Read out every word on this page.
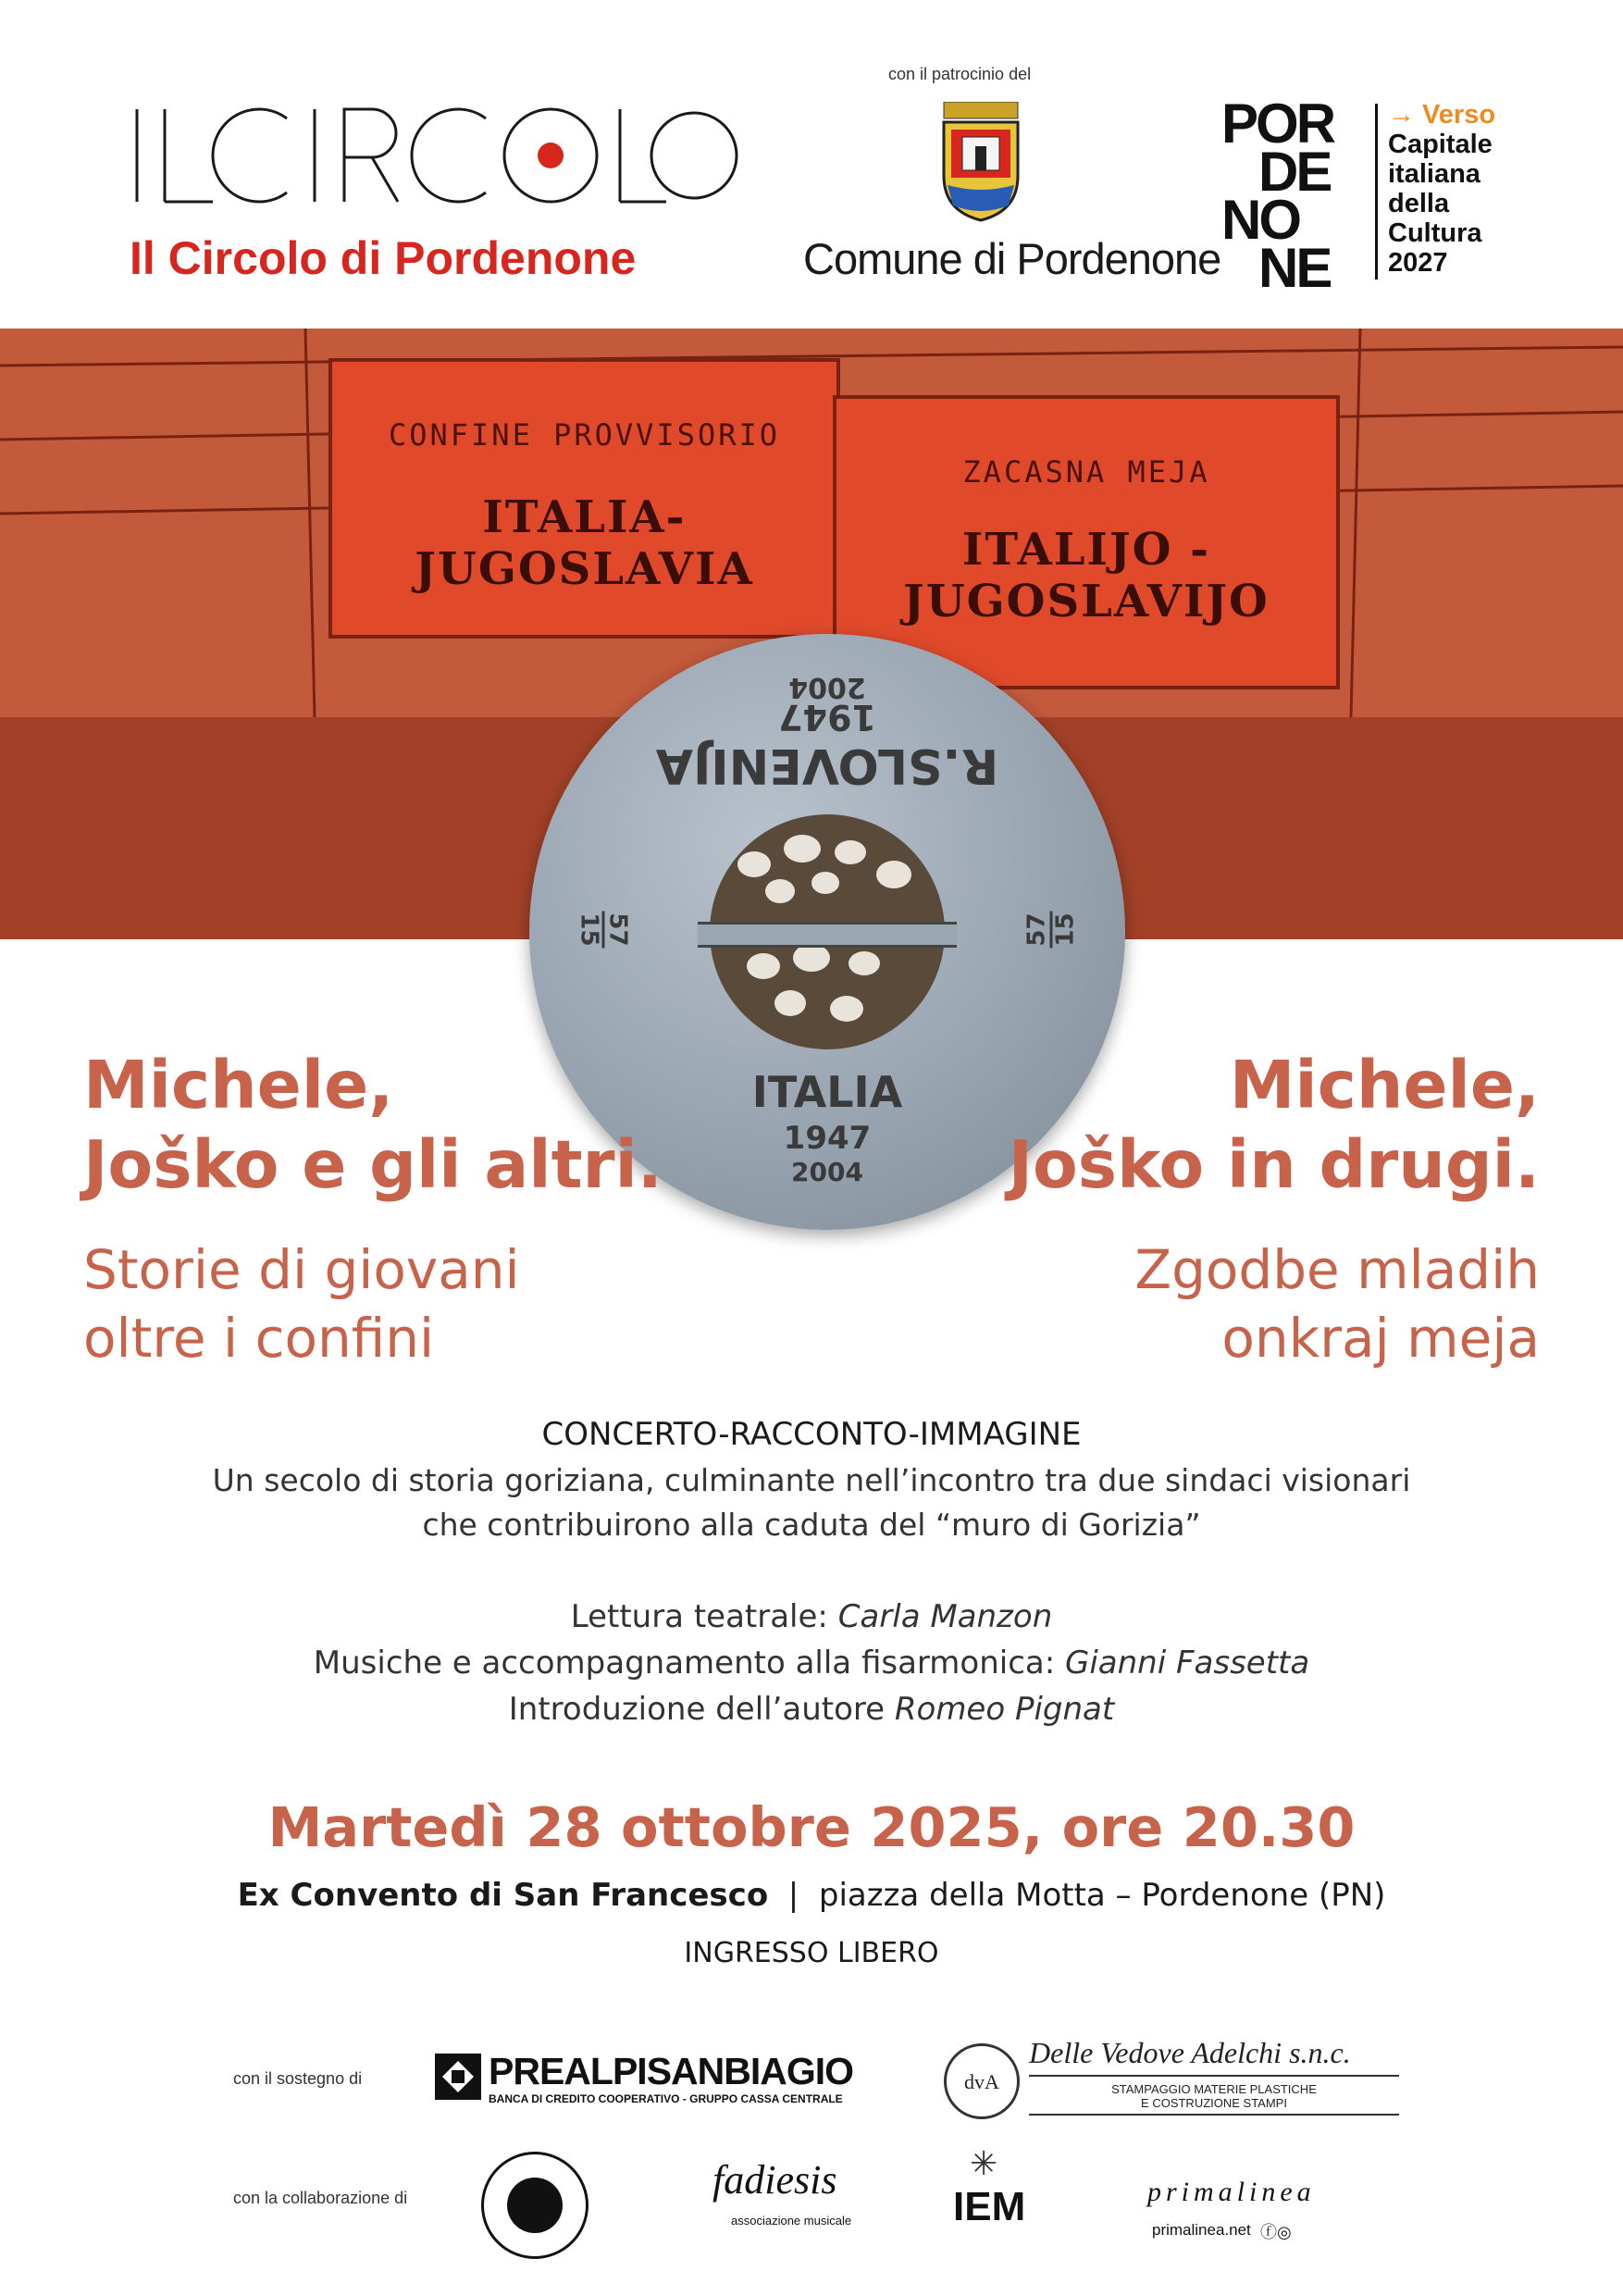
Il Circolo di Pordenone
con il patrocinio del
Comune di Pordenone
POR
DE
NO
NE
→ Verso
Capitale
italiana
della
Cultura
2027
CONFINE PROVVISORIO
ITALIA-JUGOSLAVIA
ZACASNA MEJA
ITALIJO - JUGOSLAVIJO
2004
1947
R.SLOVENIJA
57
15	57 15
ITALIA
1947
2004
Michele,
Joško e gli altri.
Michele,
Joško in drugi.
Storie di giovani
oltre i confini
Zgodbe mladih
onkraj meja
CONCERTO-RACCONTO-IMMAGINE
Un secolo di storia goriziana, culminante nell’incontro tra due sindaci visionari
che contribuirono alla caduta del “muro di Gorizia”
Lettura teatrale: Carla Manzon
Musiche e accompagnamento alla fisarmonica: Gianni Fassetta
Introduzione dell’autore Romeo Pignat
Martedì 28 ottobre 2025, ore 20.30
Ex Convento di San Francesco  |  piazza della Motta – Pordenone (PN)
INGRESSO LIBERO
con il sostegno di	PREALPISANBIAGIO
BANCA DI CREDITO COOPERATIVO - GRUPPO CASSA CENTRALE
dvA
Delle Vedove Adelchi s.n.c.
STAMPAGGIO MATERIE PLASTICHE
E COSTRUZIONE STAMPI
con la collaborazione di	fadiesis
associazione musicale
✳
IEM	primalinea
primalinea.net ⓕ◎
